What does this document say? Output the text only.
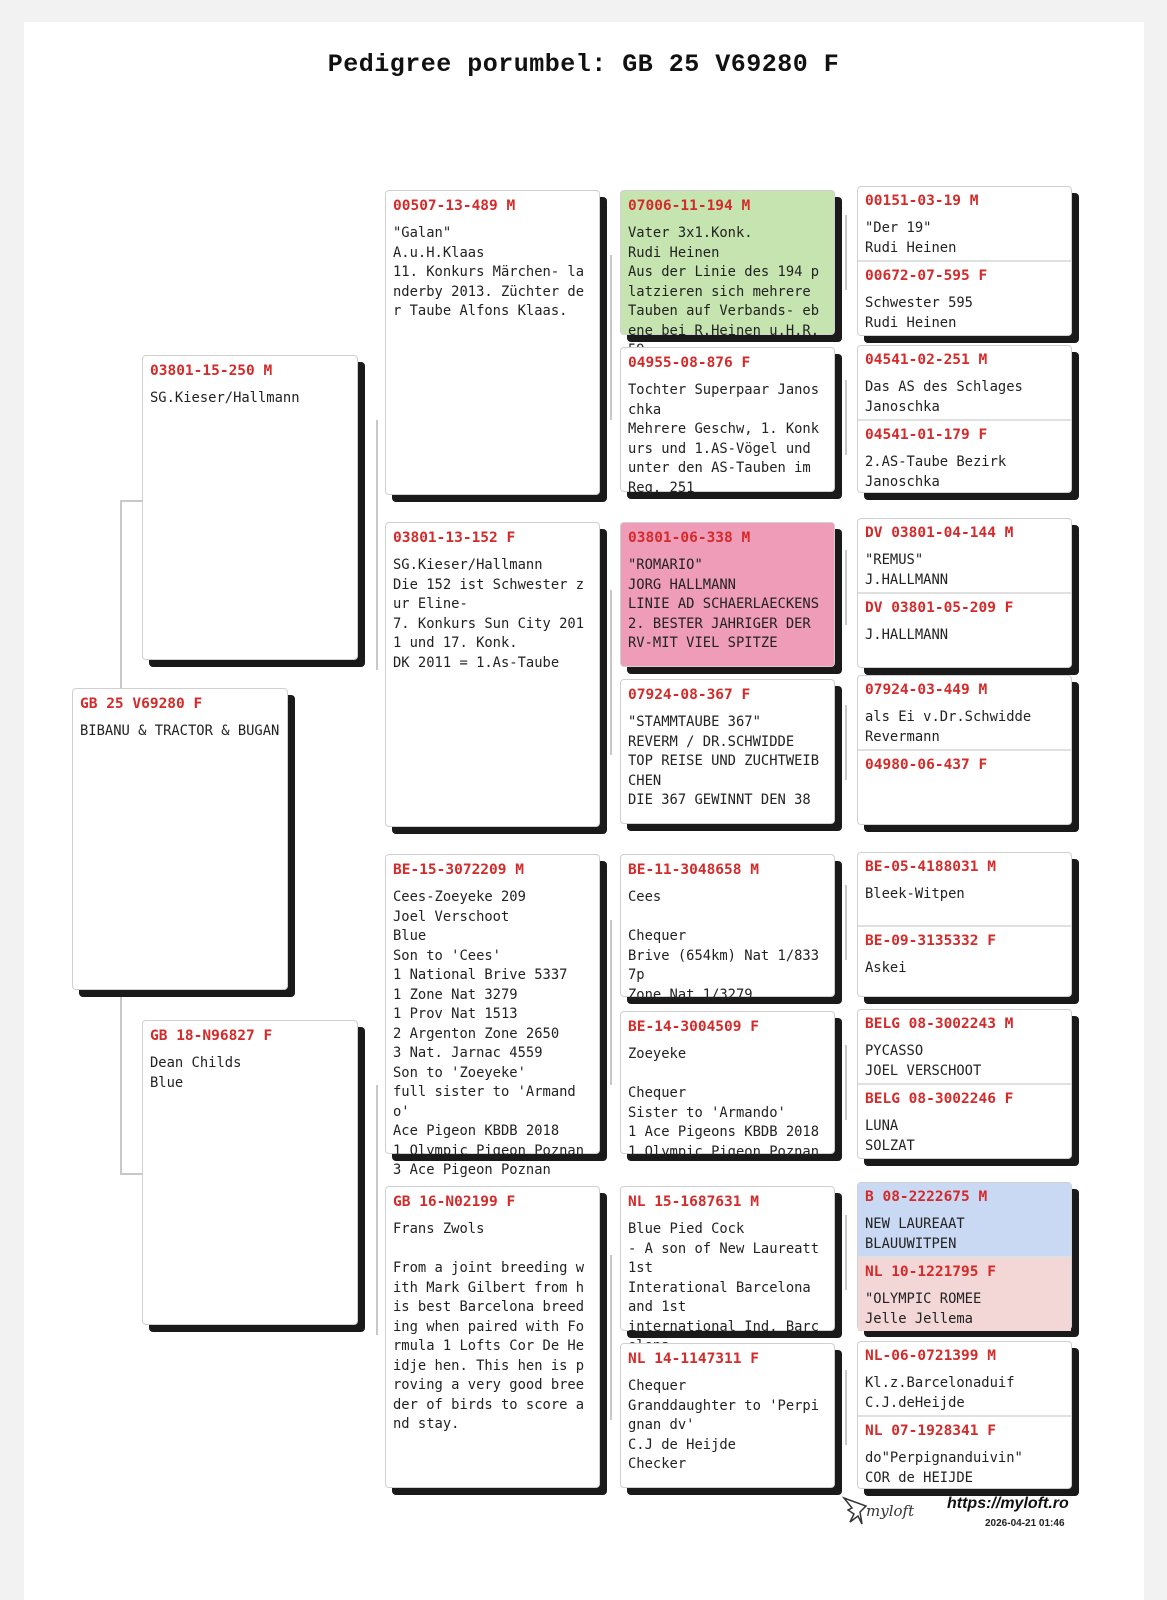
Pedigree porumbel: GB 25 V69280 F
GB 25 V69280 F
BIBANU & TRACTOR & BUGAN
03801-15-250 M
SG.Kieser/Hallmann
GB 18-N96827 F
Dean Childs
Blue
00507-13-489 M
"Galan"
A.u.H.Klaas
11. Konkurs Märchen- landerby 2013. Züchter der Taube Alfons Klaas.
03801-13-152 F
SG.Kieser/Hallmann
Die 152 ist Schwester zur Eline-
7. Konkurs Sun City 2011 und 17. Konk.
DK 2011 = 1.As-Taube
BE-15-3072209 M
Cees-Zoeyeke 209
Joel Verschoot
Blue
Son to 'Cees'
1 National Brive 5337
1 Zone Nat 3279
1 Prov Nat 1513
2 Argenton Zone 2650
3 Nat. Jarnac 4559
Son to 'Zoeyeke'
full sister to 'Armando'
Ace Pigeon KBDB 2018
1 Olympic Pigeon Poznan
3 Ace Pigeon Poznan
GB 16-N02199 F
Frans Zwols

From a joint breeding with Mark Gilbert from his best Barcelona breeding when paired with Formula 1 Lofts Cor De Heidje hen. This hen is proving a very good breeder of birds to score and stay.
07006-11-194 M
Vater 3x1.Konk.
Rudi Heinen
Aus der Linie des 194 platzieren sich mehrere Tauben auf Verbands- ebene bei R.Heinen u.H.R.
04955-08-876 F
Tochter Superpaar Janoschka
Mehrere Geschw, 1. Konkurs und 1.AS-Vögel und unter den AS-Tauben im Reg. 251
03801-06-338 M
"ROMARIO"
JORG HALLMANN
LINIE AD SCHAERLAECKENS
2. BESTER JAHRIGER DER RV-MIT VIEL SPITZE
07924-08-367 F
"STAMMTAUBE 367"
REVERM / DR.SCHWIDDE
TOP REISE UND ZUCHTWEIBCHEN
DIE 367 GEWINNT DEN 38
BE-11-3048658 M
Cees

Chequer
Brive (654km) Nat 1/8337p
Zone Nat 1/3279
BE-14-3004509 F
Zoeyeke

Chequer
Sister to 'Armando'
1 Ace Pigeons KBDB 2018
1 Olympic Pigeon Poznan
NL 15-1687631 M
Blue Pied Cock
- A son of New Laureatt 1st
Interational Barcelona and 1st
international Ind. Barc
NL 14-1147311 F
Chequer
Granddaughter to 'Perpignan dv'
C.J de Heijde
Checker
00151-03-19 M
"Der 19"
Rudi Heinen
00672-07-595 F
Schwester 595
Rudi Heinen
04541-02-251 M
Das AS des Schlages
Janoschka
04541-01-179 F
2.AS-Taube Bezirk
Janoschka
DV 03801-04-144 M
"REMUS"
J.HALLMANN
DV 03801-05-209 F
J.HALLMANN
07924-03-449 M
als Ei v.Dr.Schwidde
Revermann
04980-06-437 F
BE-05-4188031 M
Bleek-Witpen
BE-09-3135332 F
Askei
BELG 08-3002243 M
PYCASSO
JOEL VERSCHOOT
BELG 08-3002246 F
LUNA
SOLZAT
B 08-2222675 M
NEW LAUREAAT
BLAUUWITPEN
NL 10-1221795 F
"OLYMPIC ROMEE
Jelle Jellema
NL-06-0721399 M
Kl.z.Barcelonaduif
C.J.deHeijde
NL 07-1928341 F
do"Perpignanduivin"
COR de HEIJDE
myloft https://myloft.ro
2026-04-21 01:46
